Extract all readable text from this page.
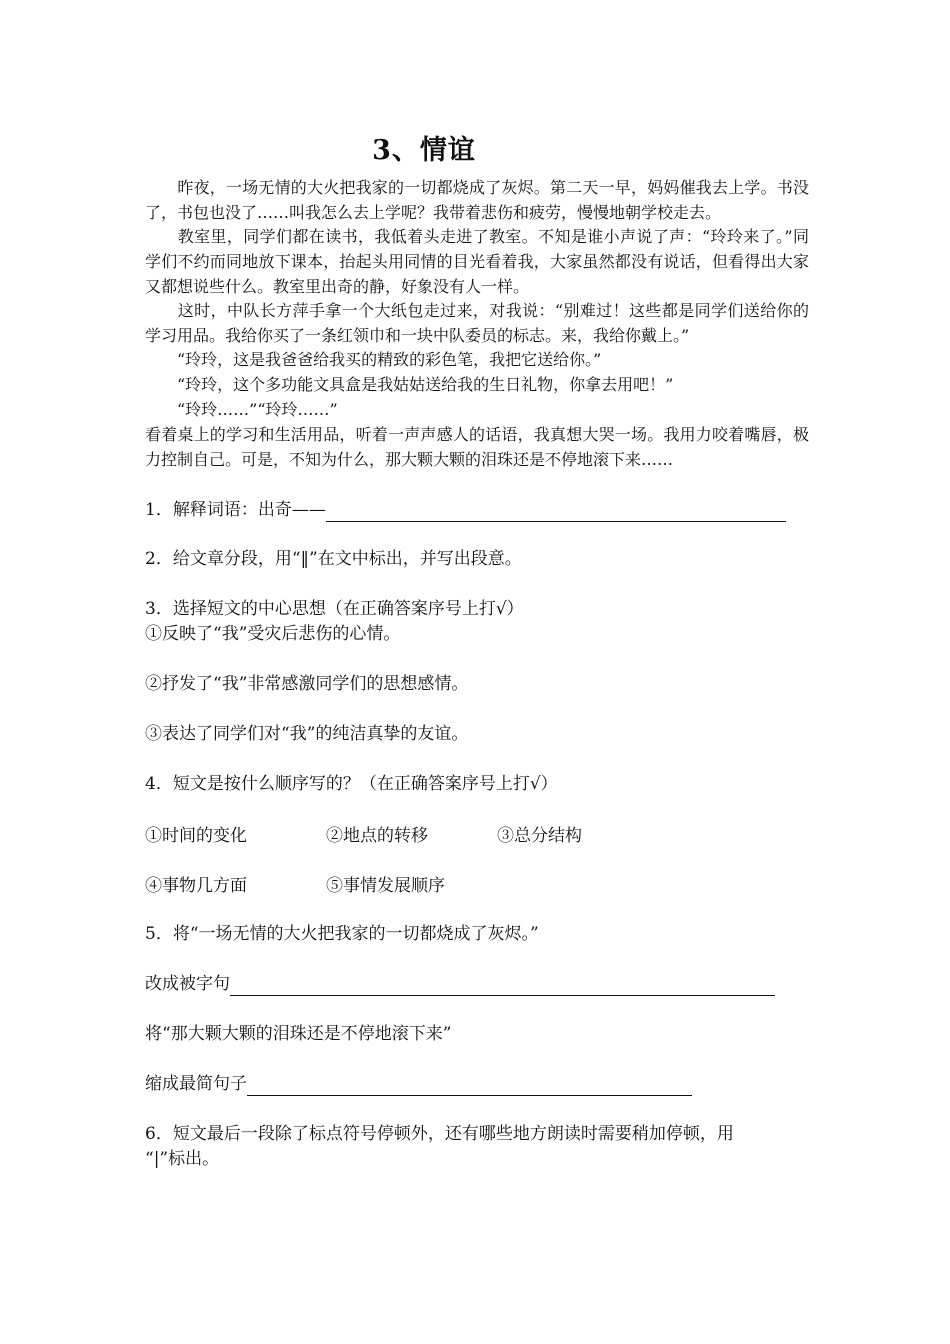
3、情谊
　　昨夜，一场无情的大火把我家的一切都烧成了灰烬。第二天一早，妈妈催我去上学。书没了，书包也没了……叫我怎么去上学呢？我带着悲伤和疲劳，慢慢地朝学校走去。
　　教室里，同学们都在读书，我低着头走进了教室。不知是谁小声说了声：“玲玲来了。”同学们不约而同地放下课本，抬起头用同情的目光看着我，大家虽然都没有说话，但看得出大家又都想说些什么。教室里出奇的静，好象没有人一样。
　　这时，中队长方萍手拿一个大纸包走过来，对我说：“别难过！这些都是同学们送给你的学习用品。我给你买了一条红领巾和一块中队委员的标志。来，我给你戴上。”
　　“玲玲，这是我爸爸给我买的精致的彩色笔，我把它送给你。”
　　“玲玲，这个多功能文具盒是我姑姑送给我的生日礼物，你拿去用吧！”
　　“玲玲……”“玲玲……”
看着桌上的学习和生活用品，听着一声声感人的话语，我真想大哭一场。我用力咬着嘴唇，极力控制自己。可是，不知为什么，那大颗大颗的泪珠还是不停地滚下来……
1．解释词语：出奇——
2．给文章分段，用“‖”在文中标出，并写出段意。
3．选择短文的中心思想（在正确答案序号上打√）
①反映了“我”受灾后悲伤的心情。
②抒发了“我”非常感激同学们的思想感情。
③表达了同学们对“我”的纯洁真挚的友谊。
4．短文是按什么顺序写的？（在正确答案序号上打√）
①时间的变化	②地点的转移	③总分结构
④事物几方面	⑤事情发展顺序
5．将“一场无情的大火把我家的一切都烧成了灰烬。”
改成被字句
将“那大颗大颗的泪珠还是不停地滚下来”
缩成最简句子
6．短文最后一段除了标点符号停顿外，还有哪些地方朗读时需要稍加停顿，用
“|”标出。
